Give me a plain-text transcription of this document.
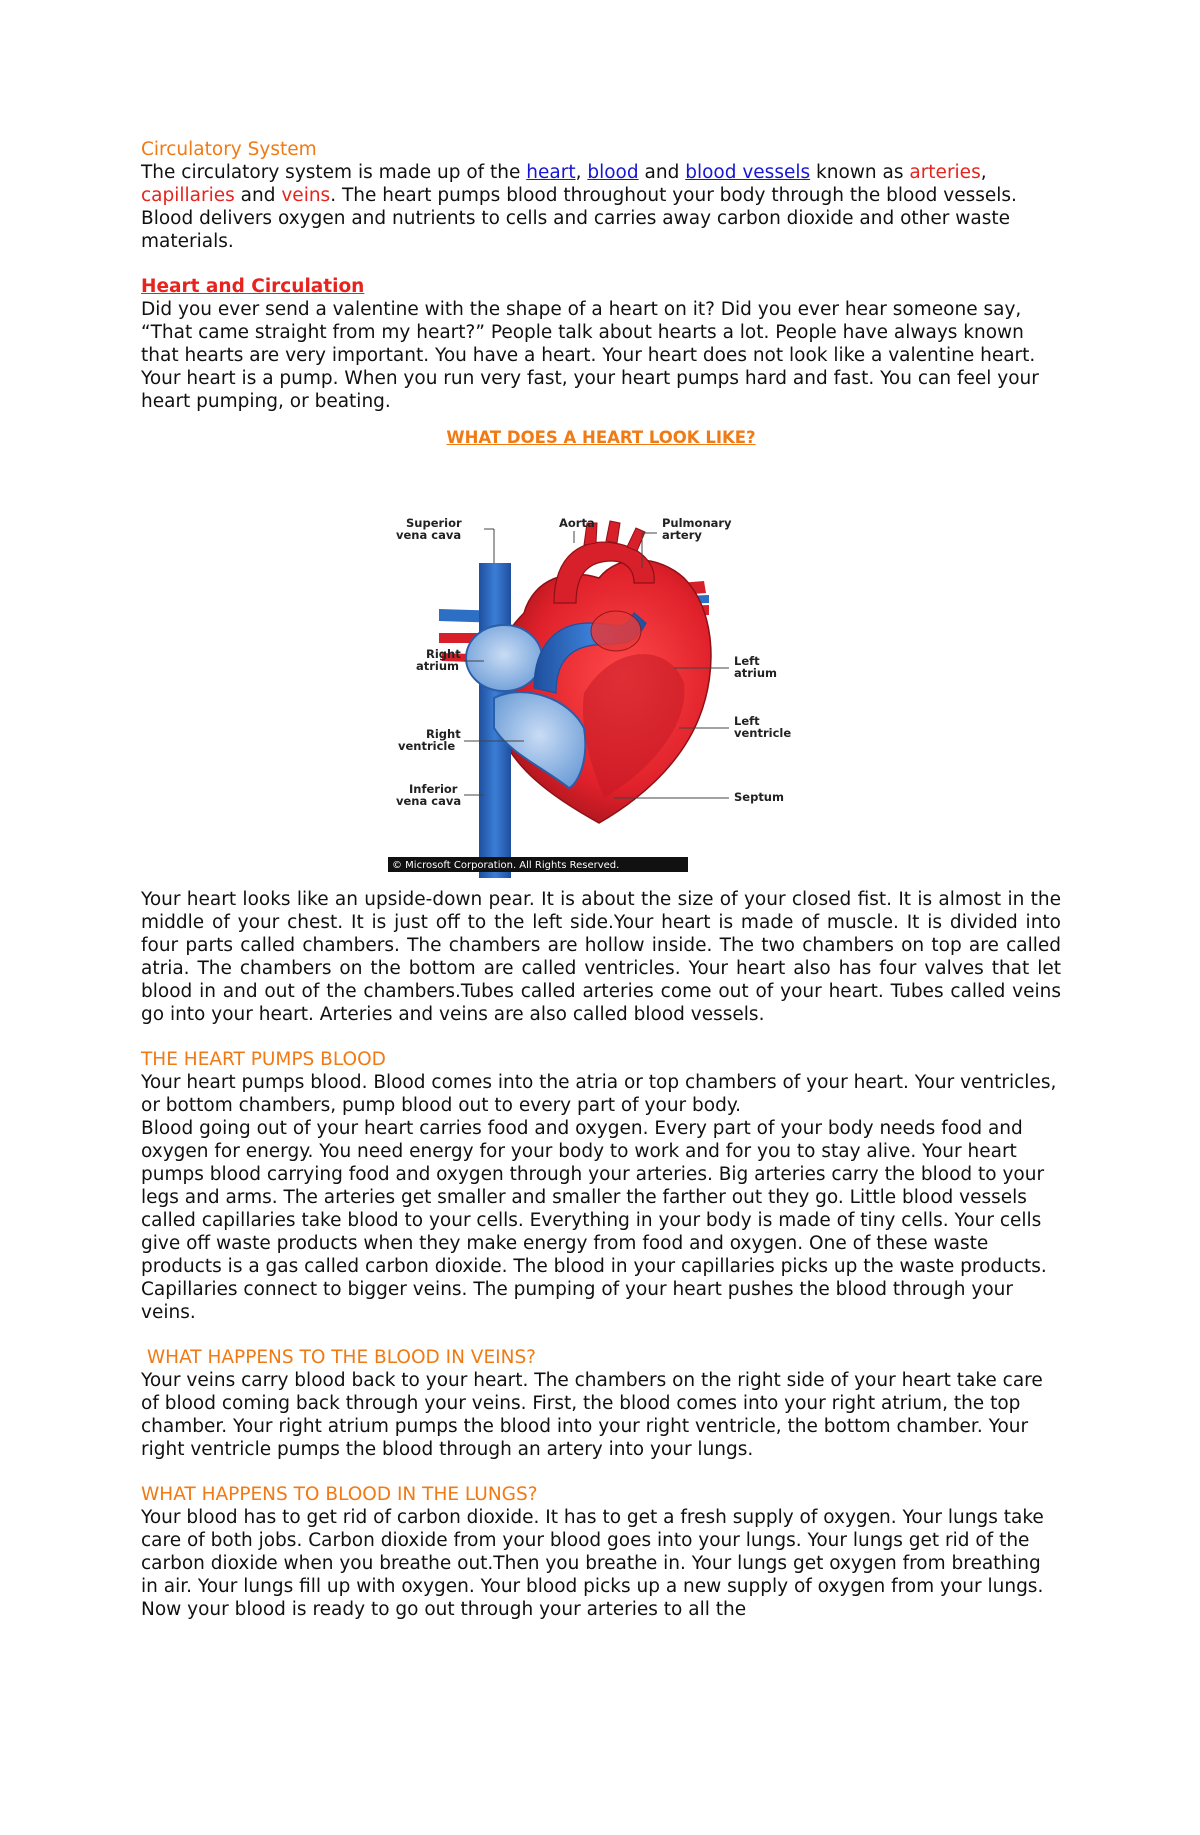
Circulatory System

The circulatory system is made up of the heart, blood and blood vessels known as arteries, capillaries and veins. The heart pumps blood throughout your body through the blood vessels. Blood delivers oxygen and nutrients to cells and carries away carbon dioxide and other waste materials.

Heart and Circulation

Did you ever send a valentine with the shape of a heart on it? Did you ever hear someone say, “That came straight from my heart?” People talk about hearts a lot. People have always known that hearts are very important. You have a heart. Your heart does not look like a valentine heart. Your heart is a pump. When you run very fast, your heart pumps hard and fast. You can feel your heart pumping, or beating.

WHAT DOES A HEART LOOK LIKE?
Superior
vena cava
Aorta	Pulmonary
artery
Right
atrium	Left
atrium
Left
ventricle
Right
ventricle
Inferior
vena cava	Septum
© Microsoft Corporation. All Rights Reserved.

Your heart looks like an upside-down pear. It is about the size of your closed fist. It is almost in the middle of your chest. It is just off to the left side.Your heart is made of muscle. It is divided into four parts called chambers. The chambers are hollow inside. The two chambers on top are called atria. The chambers on the bottom are called ventricles. Your heart also has four valves that let blood in and out of the chambers.Tubes called arteries come out of your heart. Tubes called veins go into your heart. Arteries and veins are also called blood vessels.

THE HEART PUMPS BLOOD

Your heart pumps blood. Blood comes into the atria or top chambers of your heart. Your ventricles, or bottom chambers, pump blood out to every part of your body.

Blood going out of your heart carries food and oxygen. Every part of your body needs food and oxygen for energy. You need energy for your body to work and for you to stay alive. Your heart pumps blood carrying food and oxygen through your arteries. Big arteries carry the blood to your legs and arms. The arteries get smaller and smaller the farther out they go. Little blood vessels called capillaries take blood to your cells. Everything in your body is made of tiny cells. Your cells give off waste products when they make energy from food and oxygen. One of these waste products is a gas called carbon dioxide. The blood in your capillaries picks up the waste products. Capillaries connect to bigger veins. The pumping of your heart pushes the blood through your veins.

WHAT HAPPENS TO THE BLOOD IN VEINS?

Your veins carry blood back to your heart. The chambers on the right side of your heart take care of blood coming back through your veins. First, the blood comes into your right atrium, the top chamber. Your right atrium pumps the blood into your right ventricle, the bottom chamber. Your right ventricle pumps the blood through an artery into your lungs.

WHAT HAPPENS TO BLOOD IN THE LUNGS?

Your blood has to get rid of carbon dioxide. It has to get a fresh supply of oxygen. Your lungs take care of both jobs. Carbon dioxide from your blood goes into your lungs. Your lungs get rid of the carbon dioxide when you breathe out.Then you breathe in. Your lungs get oxygen from breathing in air. Your lungs fill up with oxygen. Your blood picks up a new supply of oxygen from your lungs. Now your blood is ready to go out through your arteries to all the
